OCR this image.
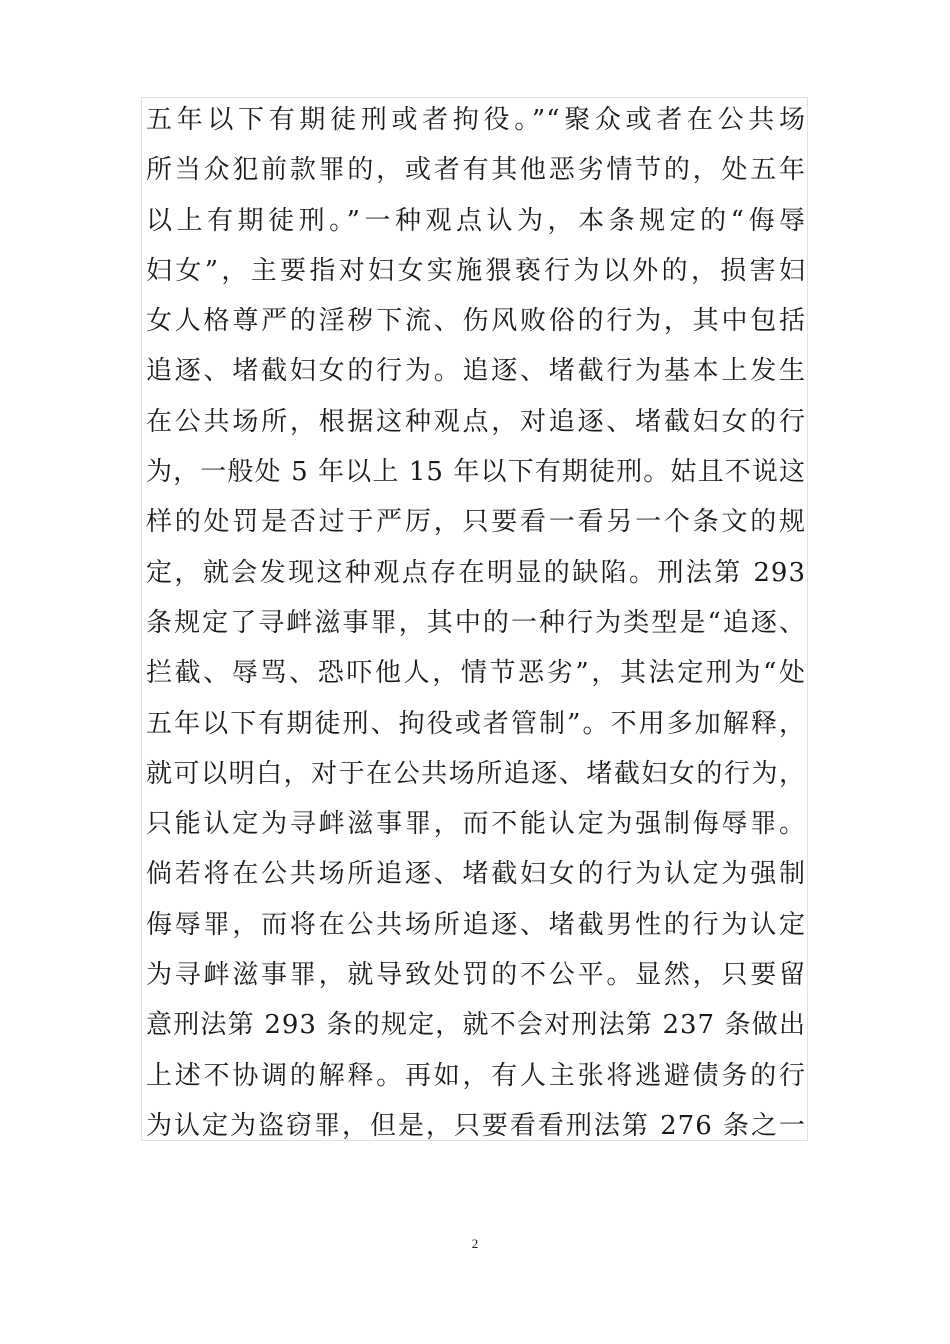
五年以下有期徒刑或者拘役。”“聚众或者在公共场
所当众犯前款罪的，或者有其他恶劣情节的，处五年
以上有期徒刑。”一种观点认为，本条规定的“侮辱
妇女”，主要指对妇女实施猥亵行为以外的，损害妇
女人格尊严的淫秽下流、伤风败俗的行为，其中包括
追逐、堵截妇女的行为。追逐、堵截行为基本上发生
在公共场所，根据这种观点，对追逐、堵截妇女的行
为，一般处 5 年以上 15 年以下有期徒刑。姑且不说这
样的处罚是否过于严厉，只要看一看另一个条文的规
定，就会发现这种观点存在明显的缺陷。刑法第 293
条规定了寻衅滋事罪，其中的一种行为类型是“追逐、
拦截、辱骂、恐吓他人，情节恶劣”，其法定刑为“处
五年以下有期徒刑、拘役或者管制”。不用多加解释，
就可以明白，对于在公共场所追逐、堵截妇女的行为，
只能认定为寻衅滋事罪，而不能认定为强制侮辱罪。
倘若将在公共场所追逐、堵截妇女的行为认定为强制
侮辱罪，而将在公共场所追逐、堵截男性的行为认定
为寻衅滋事罪，就导致处罚的不公平。显然，只要留
意刑法第 293 条的规定，就不会对刑法第 237 条做出
上述不协调的解释。再如，有人主张将逃避债务的行
为认定为盗窃罪，但是，只要看看刑法第 276 条之一
2
